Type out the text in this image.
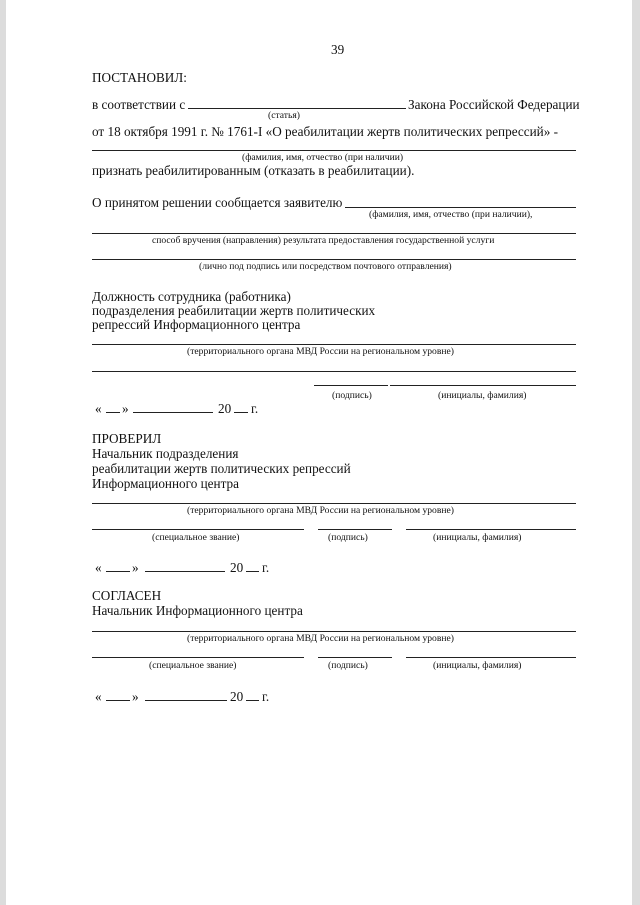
39
ПОСТАНОВИЛ:
в соответствии с	Закона Российской Федерации
(статья)
от 18 октября 1991 г. № 1761-I «О реабилитации жертв политических репрессий» -
(фамилия, имя, отчество (при наличии)
признать реабилитированным (отказать в реабилитации).
О принятом решении сообщается заявителю
(фамилия, имя, отчество (при наличии),
способ вручения (направления) результата предоставления государственной услуги
(лично под подпись или посредством почтового отправления)
Должность сотрудника (работника)
подразделения реабилитации жертв политических
репрессий Информационного центра
(территориального органа МВД России на региональном уровне)
(подпись)	(инициалы, фамилия)
« »	20 г.
ПРОВЕРИЛ
Начальник подразделения
реабилитации жертв политических репрессий
Информационного центра
(территориального органа МВД России на региональном уровне)
(специальное звание)	(подпись)	(инициалы, фамилия)
« »	20 г.
СОГЛАСЕН
Начальник Информационного центра
(территориального органа МВД России на региональном уровне)
(специальное звание)	(подпись)	(инициалы, фамилия)
« »	20 г.
